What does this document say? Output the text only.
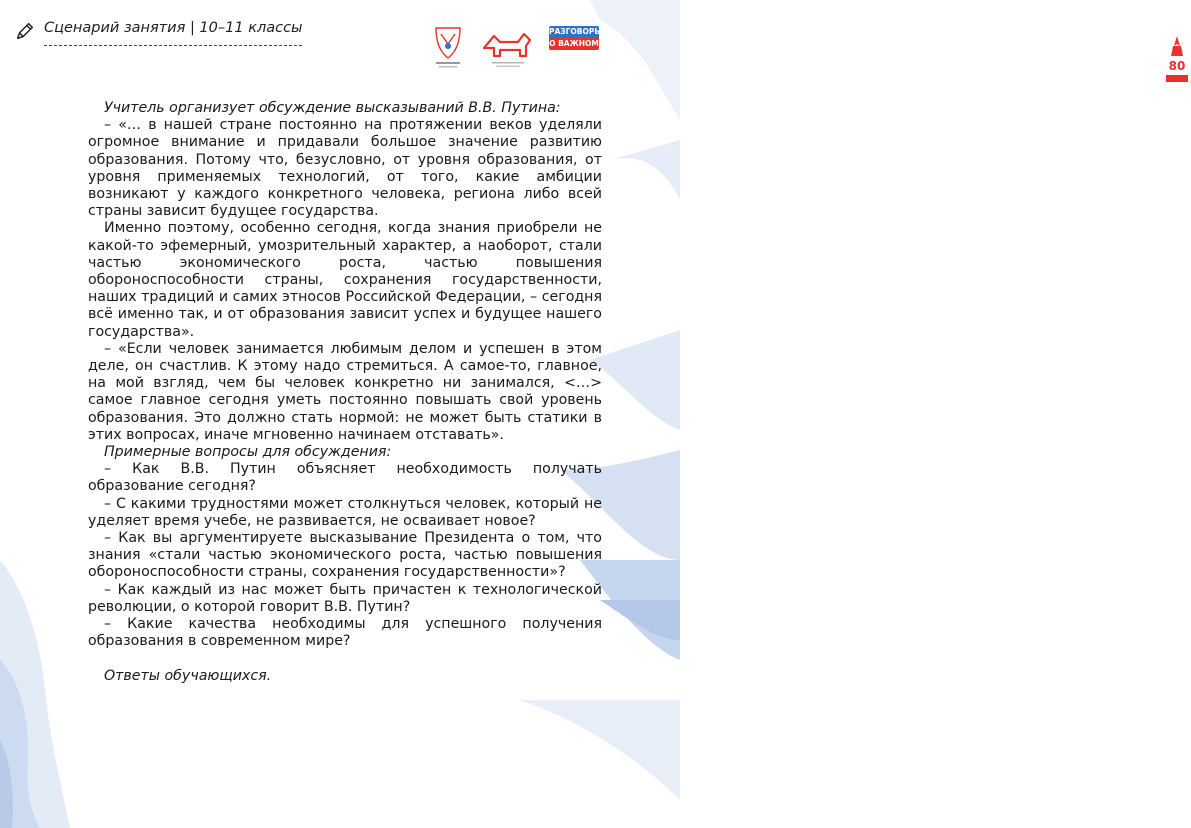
Сценарий занятия | 10–11 классы	РАЗГОВОРЫ
О ВАЖНОМ
80

Учитель организует обсуждение высказываний В.В. Путина:

– «… в нашей стране постоянно на протяжении веков уделяли огромное внимание и придавали большое значение развитию образования. Потому что, безусловно, от уровня образования, от уровня применяемых технологий, от того, какие амбиции возникают у каждого конкретного человека, региона либо всей страны зависит будущее государства.

Именно поэтому, особенно сегодня, когда знания приобрели не какой-то эфемерный, умозрительный характер, а наоборот, стали частью экономического роста, частью повышения обороноспособности страны, сохранения государственности, наших традиций и самих этносов Российской Федерации, – сегодня всё именно так, и от образования зависит успех и будущее нашего государства».

– «Если человек занимается любимым делом и успешен в этом деле, он счастлив. К этому надо стремиться. А самое-то, главное, на мой взгляд, чем бы человек конкретно ни занимался, <…> самое главное сегодня уметь постоянно повышать свой уровень образования. Это должно стать нормой: не может быть статики в этих вопросах, иначе мгновенно начинаем отставать».

Примерные вопросы для обсуждения:

– Как В.В. Путин объясняет необходимость получать образование сегодня?

– С какими трудностями может столкнуться человек, который не уделяет время учебе, не развивается, не осваивает новое?

– Как вы аргументируете высказывание Президента о том, что знания «стали частью экономического роста, частью повышения обороноспособности страны, сохранения государственности»?

– Как каждый из нас может быть причастен к технологической революции, о которой говорит В.В. Путин?

– Какие качества необходимы для успешного получения образования в современном мире?

Ответы обучающихся.
